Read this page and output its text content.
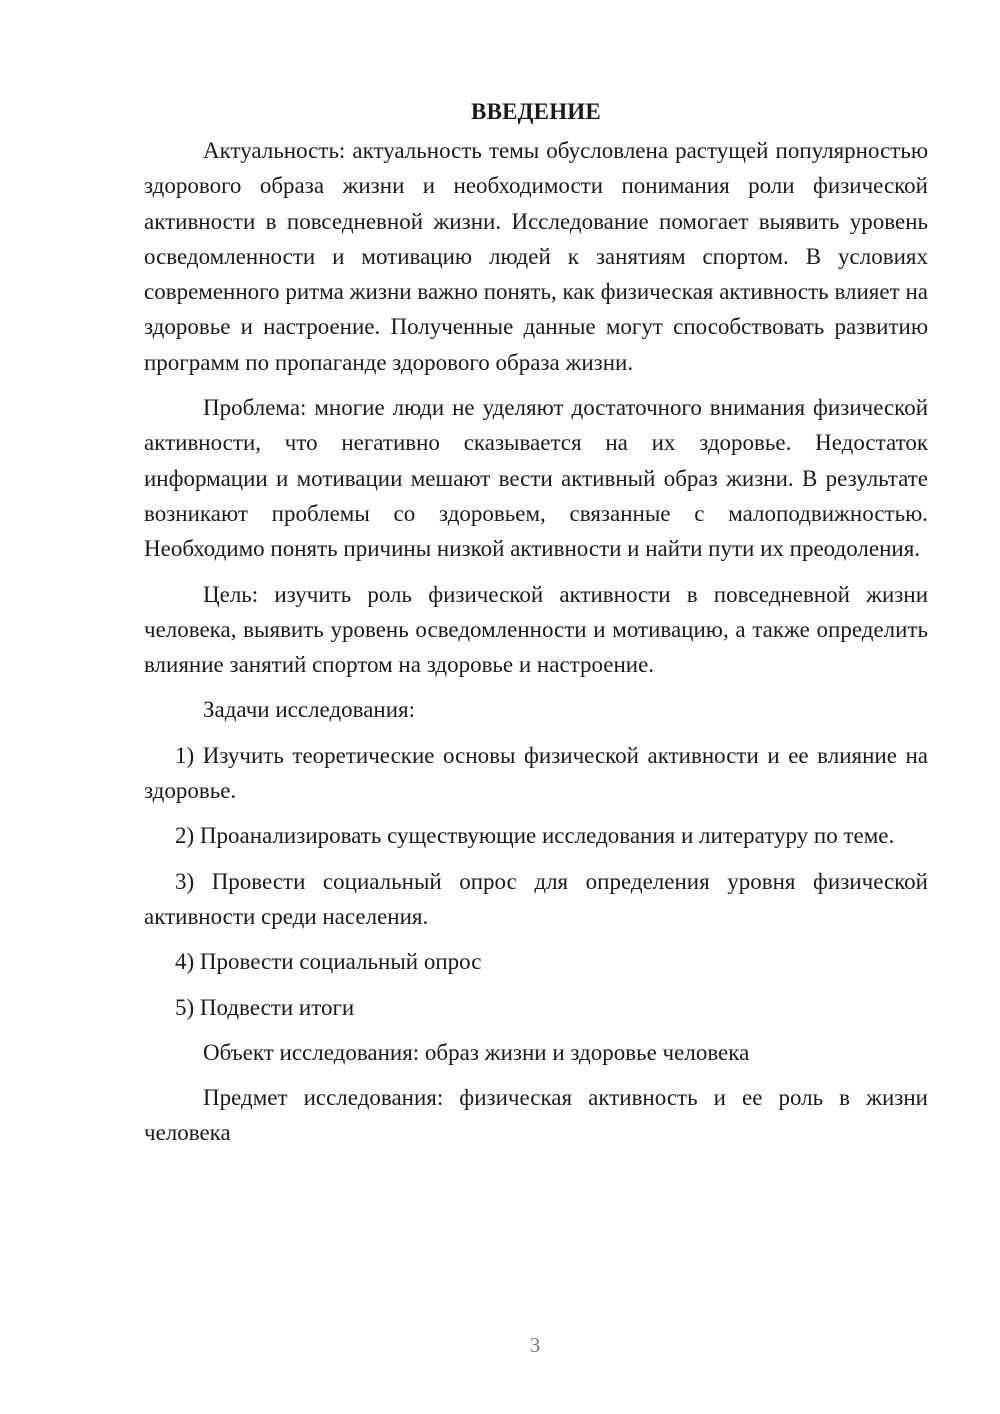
ВВЕДЕНИЕ

Актуальность: актуальность темы обусловлена растущей популярностью здорового образа жизни и необходимости понимания роли физической активности в повседневной жизни. Исследование помогает выявить уровень осведомленности и мотивацию людей к занятиям спортом. В условиях современного ритма жизни важно понять, как физическая активность влияет на здоровье и настроение. Полученные данные могут способствовать развитию программ по пропаганде здорового образа жизни.

Проблема: многие люди не уделяют достаточного внимания физической активности, что негативно сказывается на их здоровье. Недостаток информации и мотивации мешают вести активный образ жизни. В результате возникают проблемы со здоровьем, связанные с малоподвижностью. Необходимо понять причины низкой активности и найти пути их преодоления.

Цель: изучить роль физической активности в повседневной жизни человека, выявить уровень осведомленности и мотивацию, а также определить влияние занятий спортом на здоровье и настроение.

Задачи исследования:

1) Изучить теоретические основы физической активности и ее влияние на здоровье.

2) Проанализировать существующие исследования и литературу по теме.

3) Провести социальный опрос для определения уровня физической активности среди населения.

4) Провести социальный опрос

5) Подвести итоги

Объект исследования: образ жизни и здоровье человека

Предмет исследования: физическая активность и ее роль в жизни человека

3
